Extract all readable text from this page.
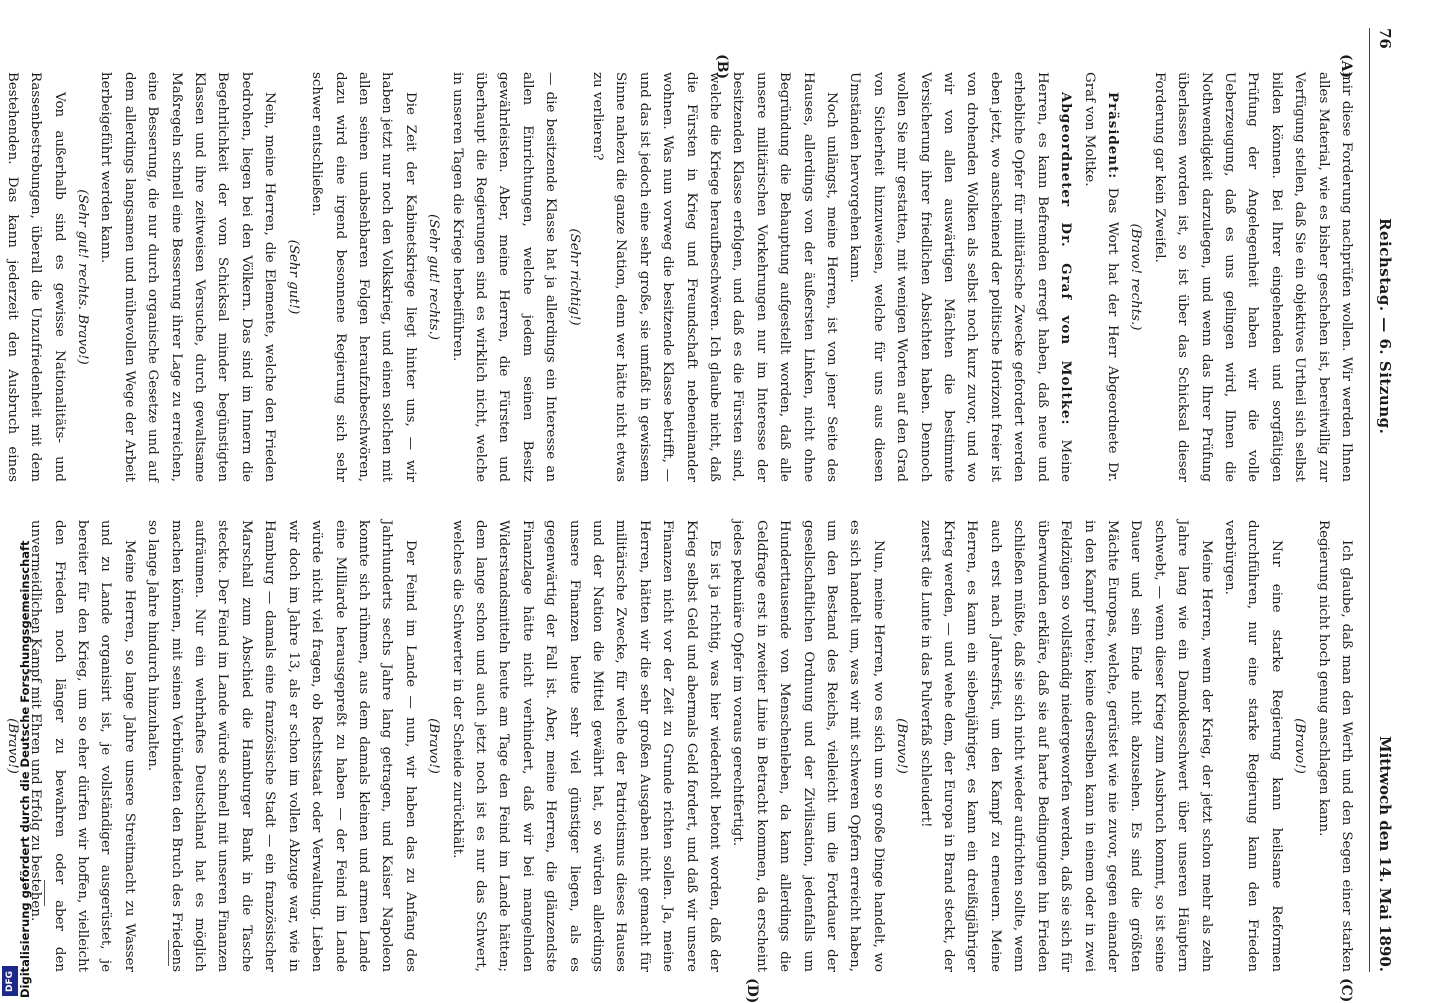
76
Reichstag. — 6. Sitzung.
Mittwoch den 14. Mai 1890.
(A)
(B)
(C)
(D)

mir diese Forderung nachprüfen wollen. Wir werden Ihnen alles Material, wie es bisher geschehen ist, bereitwillig zur Verfügung stellen, daß Sie ein objektives Urtheil sich selbst bilden können. Bei Ihrer eingehenden und sorgfältigen Prüfung der Angelegenheit haben wir die volle Ueberzeugung, daß es uns gelingen wird, Ihnen die Nothwendigkeit darzulegen, und wenn das Ihrer Prüfung überlassen worden ist, so ist über das Schicksal dieser Forderung gar kein Zweifel.

(Bravo! rechts.)

Präsident: Das Wort hat der Herr Abgeordnete Dr. Graf von Moltke.

Abgeordneter Dr. Graf von Moltke: Meine Herren, es kann Befremden erregt haben, daß neue und erhebliche Opfer für militärische Zwecke gefordert werden eben jetzt, wo anscheinend der politische Horizont freier ist von drohenden Wolken als selbst noch kurz zuvor, und wo wir von allen auswärtigen Mächten die bestimmte Versicherung ihrer friedlichen Absichten haben. Dennoch wollen Sie mir gestatten, mit wenigen Worten auf den Grad von Sicherheit hinzuweisen, welche für uns aus diesen Umständen hervorgehen kann.

Noch unlängst, meine Herren, ist von jener Seite des Hauses, allerdings von der äußersten Linken, nicht ohne Begründung die Behauptung aufgestellt worden, daß alle unsere militärischen Vorkehrungen nur im Interesse der besitzenden Klasse erfolgen, und daß es die Fürsten sind, welche die Kriege heraufbeschwören. Ich glaube nicht, daß die Fürsten in Krieg und Freundschaft nebeneinander wohnen. Was nun vorweg die besitzende Klasse betrifft, — und das ist jedoch eine sehr große, sie umfaßt in gewissem Sinne nahezu die ganze Nation, denn wer hätte nicht etwas zu verlieren?

(Sehr richtig!)

— die besitzende Klasse hat ja allerdings ein Interesse an allen Einrichtungen, welche jedem seinen Besitz gewährleisten. Aber, meine Herren, die Fürsten und überhaupt die Regierungen sind es wirklich nicht, welche in unseren Tagen die Kriege herbeiführen.

(Sehr gut! rechts.)

Die Zeit der Kabinetskriege liegt hinter uns, — wir haben jetzt nur noch den Volkskrieg, und einen solchen mit allen seinen unabsehbaren Folgen heraufzubeschwören, dazu wird eine irgend besonnene Regierung sich sehr schwer entschließen.

(Sehr gut!)

Nein, meine Herren, die Elemente, welche den Frieden bedrohen, liegen bei den Völkern. Das sind im Innern die Begehrlichkeit der vom Schicksal minder begünstigten Klassen und ihre zeitweisen Versuche, durch gewaltsame Maßregeln schnell eine Besserung ihrer Lage zu erreichen, eine Besserung, die nur durch organische Gesetze und auf dem allerdings langsamen und mühevollen Wege der Arbeit herbeigeführt werden kann.

(Sehr gut! rechts. Bravo!)

Von außerhalb sind es gewisse Nationalitäts- und Rassenbestrebungen, überall die Unzufriedenheit mit dem Bestehenden. Das kann jederzeit den Ausbruch eines

Ich glaube, daß man den Werth und den Segen einer starken Regierung nicht hoch genug anschlagen kann.

(Bravo!)

Nur eine starke Regierung kann heilsame Reformen durchführen, nur eine starke Regierung kann den Frieden verbürgen.

Meine Herren, wenn der Krieg, der jetzt schon mehr als zehn Jahre lang wie ein Damoklesschwert über unseren Häuptern schwebt, — wenn dieser Krieg zum Ausbruch kommt, so ist seine Dauer und sein Ende nicht abzusehen. Es sind die größten Mächte Europas, welche, gerüstet wie nie zuvor, gegen einander in den Kampf treten; keine derselben kann in einem oder in zwei Feldzügen so vollständig niedergeworfen werden, daß sie sich für überwunden erkläre, daß sie auf harte Bedingungen hin Frieden schließen müßte, daß sie sich nicht wieder aufrichten sollte, wenn auch erst nach Jahresfrist, um den Kampf zu erneuern. Meine Herren, es kann ein siebenjähriger, es kann ein dreißigjähriger Krieg werden, — und wehe dem, der Europa in Brand steckt, der zuerst die Lunte in das Pulverfaß schleudert!

(Bravo!)

Nun, meine Herren, wo es sich um so große Dinge handelt, wo es sich handelt um, was wir mit schweren Opfern erreicht haben, um den Bestand des Reichs, vielleicht um die Fortdauer der gesellschaftlichen Ordnung und der Zivilisation, jedenfalls um Hunderttausende von Menschenleben, da kann allerdings die Geldfrage erst in zweiter Linie in Betracht kommen, da erscheint jedes pekuniäre Opfer im voraus gerechtfertigt.

Es ist ja richtig, was hier wiederholt betont worden, daß der Krieg selbst Geld und abermals Geld fordert, und daß wir unsere Finanzen nicht vor der Zeit zu Grunde richten sollen. Ja, meine Herren, hätten wir die sehr großen Ausgaben nicht gemacht für militärische Zwecke, für welche der Patriotismus dieses Hauses und der Nation die Mittel gewährt hat, so würden allerdings unsere Finanzen heute sehr viel günstiger liegen, als es gegenwärtig der Fall ist. Aber, meine Herren, die glänzendste Finanzlage hätte nicht verhindert, daß wir bei mangelnden Widerstandsmitteln heute am Tage den Feind im Lande hätten; dem lange schon und auch jetzt noch ist es nur das Schwert, welches die Schwerter in der Scheide zurückhält.

(Bravo!)

Der Feind im Lande — nun, wir haben das zu Anfang des Jahrhunderts sechs Jahre lang getragen, und Kaiser Napoleon konnte sich rühmen, aus dem damals kleinen und armen Lande eine Milliarde herausgepreßt zu haben — der Feind im Lande würde nicht viel fragen, ob Rechtsstaat oder Verwaltung. Lieben wir doch im Jahre 13, als er schon im vollen Abzuge war, wie in Hamburg — damals eine französische Stadt — ein französischer Marschall zum Abschied die Hamburger Bank in die Tasche steckte. Der Feind im Lande würde schnell mit unseren Finanzen aufräumen. Nur ein wehrhaftes Deutschland hat es möglich machen können, mit seinen Verbündeten den Bruch des Friedens so lange Jahre hindurch hinzuhalten.

Meine Herren, so lange Jahre unsere Streitmacht zu Wasser und zu Lande organisirt ist, je vollständiger ausgerüstet, je bereiter für den Krieg, um so eher dürfen wir hoffen, vielleicht den Frieden noch länger zu bewahren oder aber den unvermeidlichen Kampf mit Ehren und Erfolg zu bestehen.

(Bravo!)

Digitalisierung gefördert durch die Deutsche Forschungsgemeinschaft
DFG
